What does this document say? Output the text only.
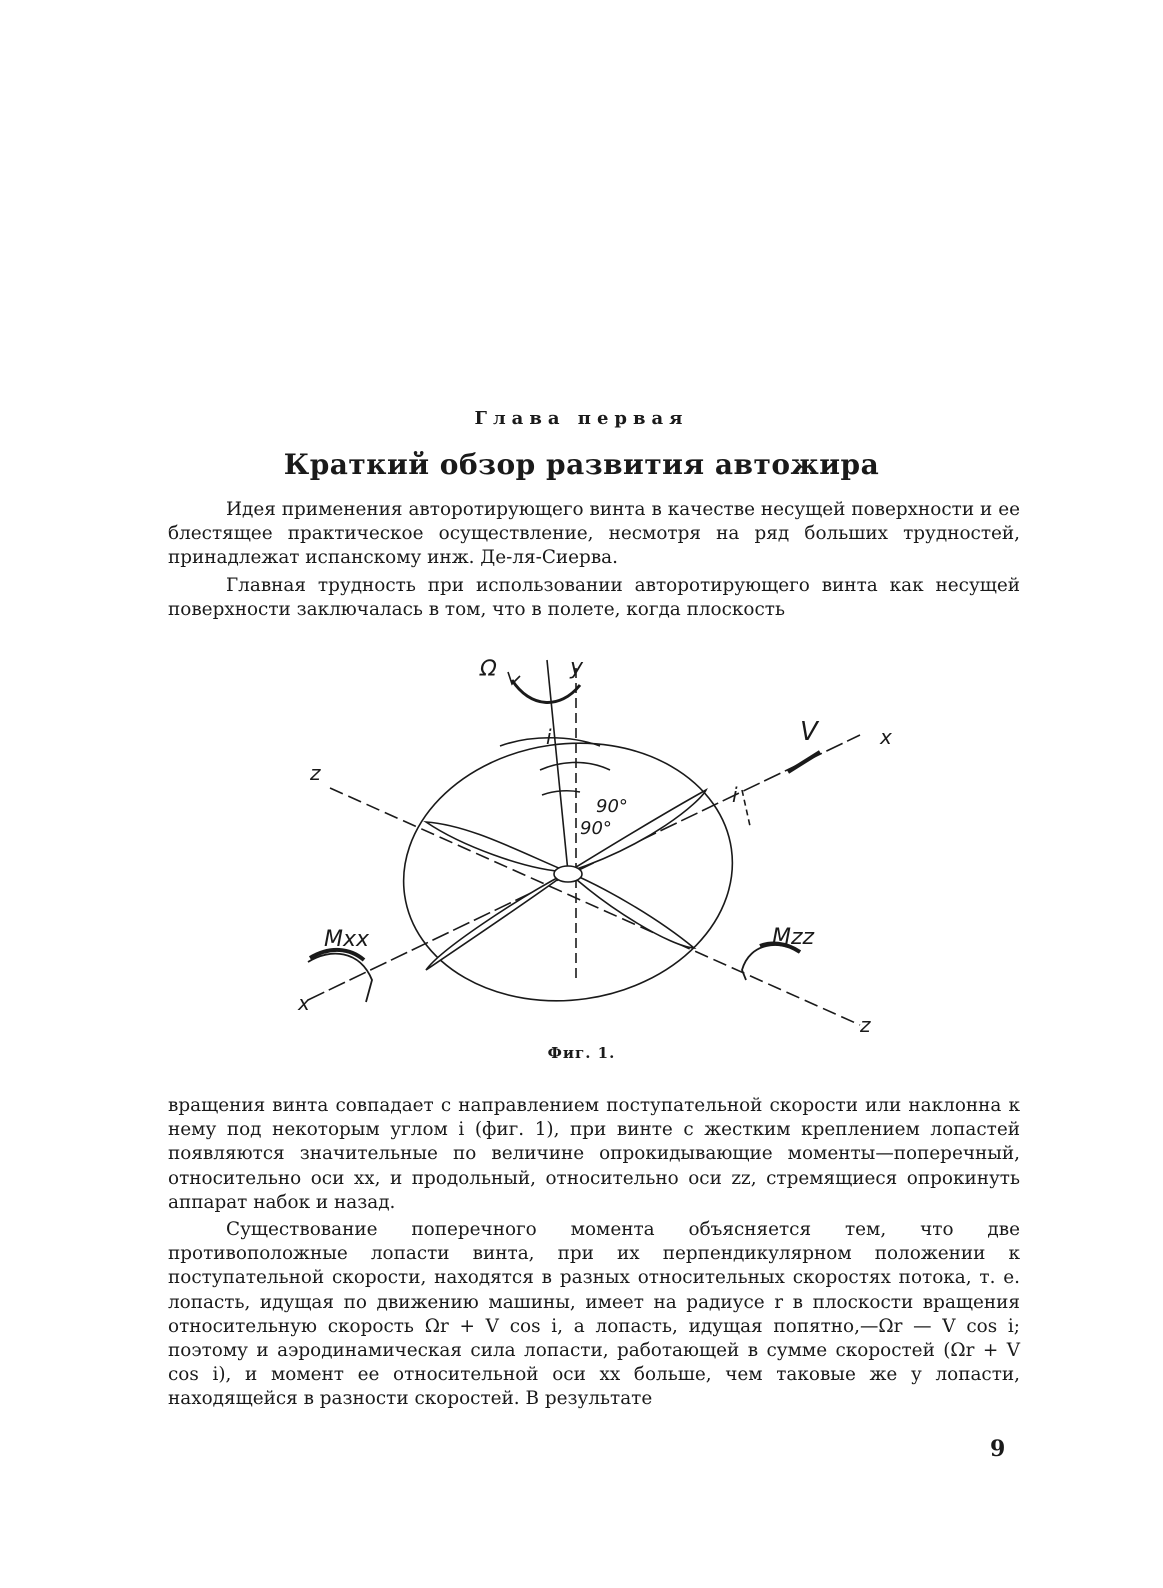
Глава первая
Краткий обзор развития автожира

Идея применения авторотирующего винта в качестве несущей поверхности и ее блестящее практическое осуществление, несмотря на ряд больших трудностей, принадлежат испанскому инж. Де-ля-Сиерва.

Главная трудность при использовании авторотирующего винта как несущей поверхности заключалась в том, что в полете, когда плоскость

Ω	y
i	V	x
z
90°
90°
i
Mxx	Mzz
x
z
Фиг. 1.

вращения винта совпадает с направлением поступательной скорости или наклонна к нему под некоторым углом i (фиг. 1), при винте с жестким креплением лопастей появляются значительные по величине опрокидывающие моменты—поперечный, относительно оси xx, и продольный, относительно оси zz, стремящиеся опрокинуть аппарат набок и назад.

Существование поперечного момента объясняется тем, что две противоположные лопасти винта, при их перпендикулярном положении к поступательной скорости, находятся в разных относительных скоростях потока, т. е. лопасть, идущая по движению машины, имеет на радиусе r в плоскости вращения относительную скорость Ωr + V cos i, а лопасть, идущая попятно,—Ωr — V cos i; поэтому и аэродинамическая сила лопасти, работающей в сумме скоростей (Ωr + V cos i), и момент ее относительной оси xx больше, чем таковые же у лопасти, находящейся в разности скоростей. В результате

9
